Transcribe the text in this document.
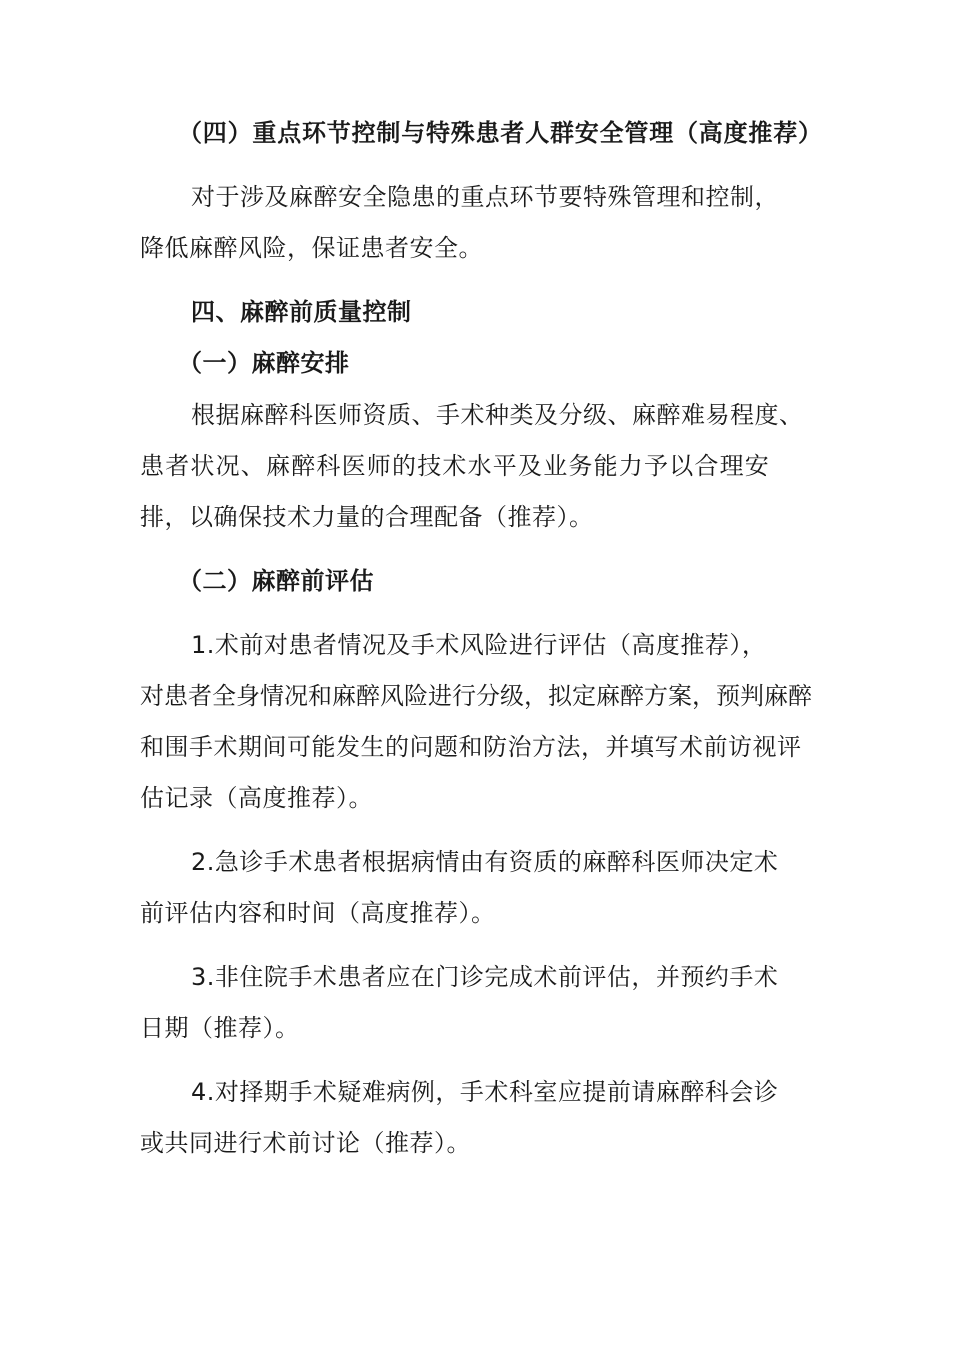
（四）重点环节控制与特殊患者人群安全管理（高度推荐）
对于涉及麻醉安全隐患的重点环节要特殊管理和控制，
降低麻醉风险，保证患者安全。
四、麻醉前质量控制
（一）麻醉安排
根据麻醉科医师资质、手术种类及分级、麻醉难易程度、
患者状况、麻醉科医师的技术水平及业务能力予以合理安
排，以确保技术力量的合理配备（推荐）。
（二）麻醉前评估
1.术前对患者情况及手术风险进行评估（高度推荐），
对患者全身情况和麻醉风险进行分级，拟定麻醉方案，预判麻醉
和围手术期间可能发生的问题和防治方法，并填写术前访视评
估记录（高度推荐）。
2.急诊手术患者根据病情由有资质的麻醉科医师决定术
前评估内容和时间（高度推荐）。
3.非住院手术患者应在门诊完成术前评估，并预约手术
日期（推荐）。
4.对择期手术疑难病例，手术科室应提前请麻醉科会诊
或共同进行术前讨论（推荐）。
